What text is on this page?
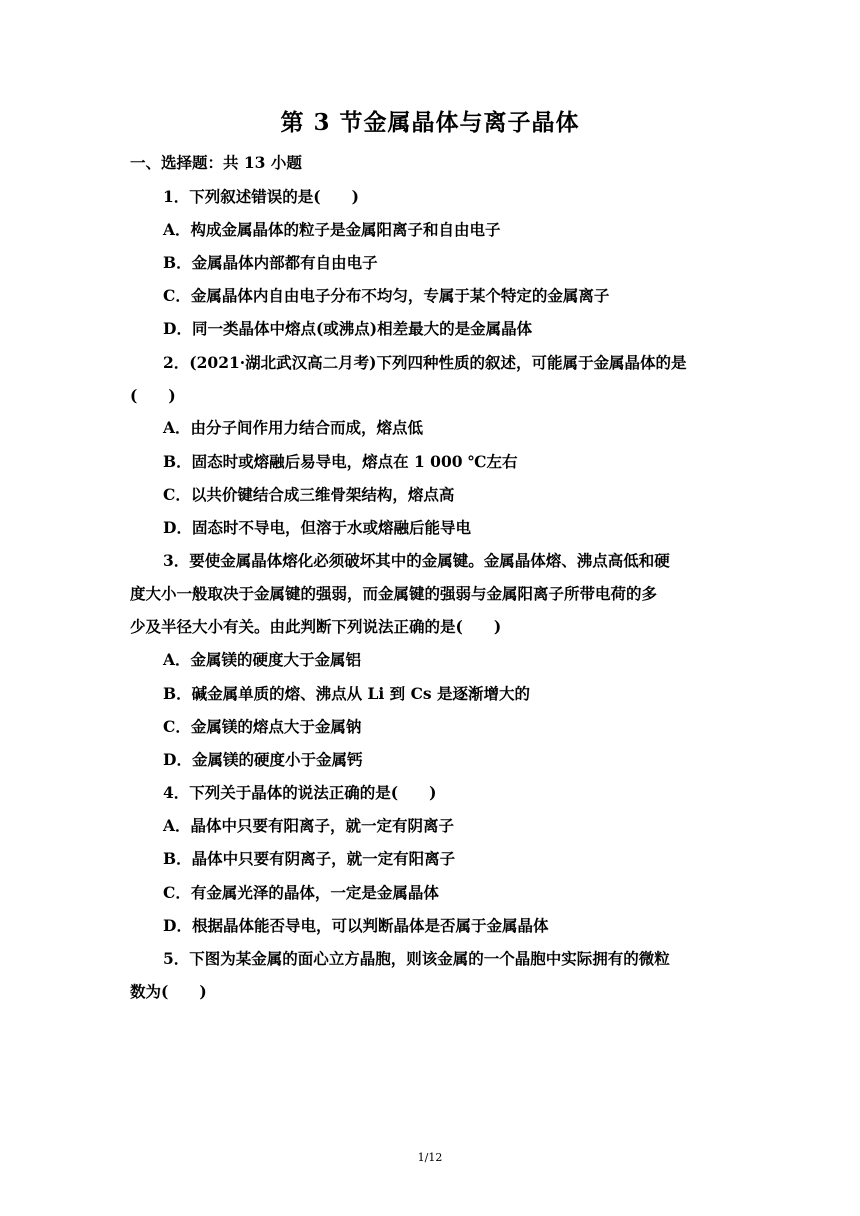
第 3 节金属晶体与离子晶体
一、选择题：共 13 小题
1．下列叙述错误的是(　　)
A．构成金属晶体的粒子是金属阳离子和自由电子
B．金属晶体内部都有自由电子
C．金属晶体内自由电子分布不均匀，专属于某个特定的金属离子
D．同一类晶体中熔点(或沸点)相差最大的是金属晶体
2．(2021·湖北武汉高二月考)下列四种性质的叙述，可能属于金属晶体的是
(　　)
A．由分子间作用力结合而成，熔点低
B．固态时或熔融后易导电，熔点在 1 000 ℃左右
C．以共价键结合成三维骨架结构，熔点高
D．固态时不导电，但溶于水或熔融后能导电
3．要使金属晶体熔化必须破坏其中的金属键。金属晶体熔、沸点高低和硬
度大小一般取决于金属键的强弱，而金属键的强弱与金属阳离子所带电荷的多
少及半径大小有关。由此判断下列说法正确的是(　　)
A．金属镁的硬度大于金属铝
B．碱金属单质的熔、沸点从 Li 到 Cs 是逐渐增大的
C．金属镁的熔点大于金属钠
D．金属镁的硬度小于金属钙
4．下列关于晶体的说法正确的是(　　)
A．晶体中只要有阳离子，就一定有阴离子
B．晶体中只要有阴离子，就一定有阳离子
C．有金属光泽的晶体，一定是金属晶体
D．根据晶体能否导电，可以判断晶体是否属于金属晶体
5．下图为某金属的面心立方晶胞，则该金属的一个晶胞中实际拥有的微粒
数为(　　)
1/12
